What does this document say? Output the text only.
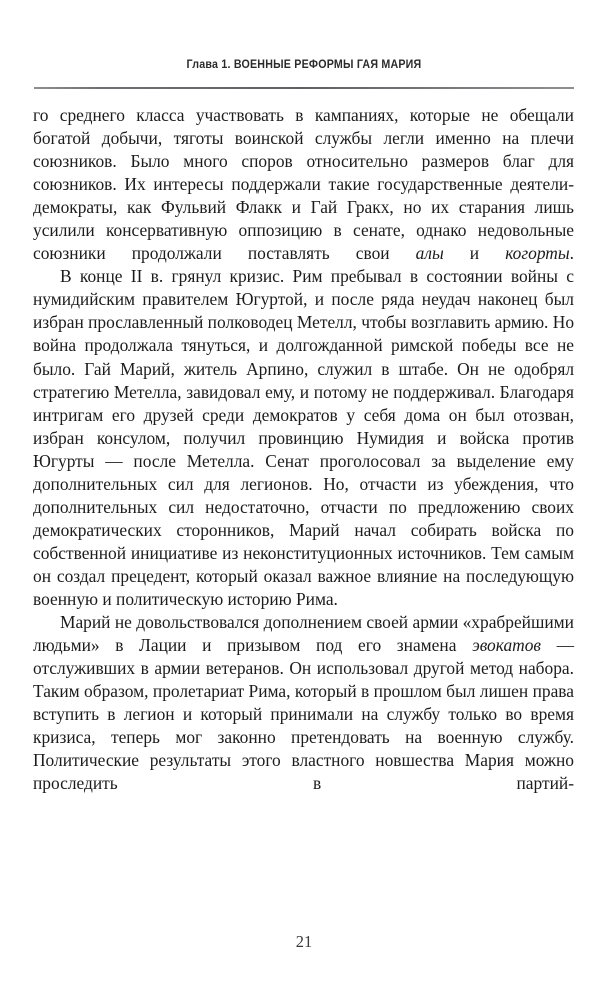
Глава 1. ВОЕННЫЕ РЕФОРМЫ ГАЯ МАРИЯ

го среднего класса участвовать в кампаниях, которые не обещали богатой добычи, тяготы воинской службы легли именно на плечи союзников. Было много споров относительно размеров благ для союзников. Их интересы поддержали такие государственные деятели-демократы, как Фульвий Флакк и Гай Гракх, но их старания лишь усилили консервативную оппозицию в сенате, однако недовольные союзники продолжали поставлять свои алы и когорты.

В конце II в. грянул кризис. Рим пребывал в состоянии войны с нумидийским правителем Югуртой, и после ряда неудач наконец был избран прославленный полководец Метелл, чтобы возглавить армию. Но война продолжала тянуться, и долгожданной римской победы все не было. Гай Марий, житель Арпино, служил в штабе. Он не одобрял стратегию Метелла, завидовал ему, и потому не поддерживал. Благодаря интригам его друзей среди демократов у себя дома он был отозван, избран консулом, получил провинцию Нумидия и войска против Югурты — после Метелла. Сенат проголосовал за выделение ему дополнительных сил для легионов. Но, отчасти из убеждения, что дополнительных сил недостаточно, отчасти по предложению своих демократических сторонников, Марий начал собирать войска по собственной инициативе из неконституционных источников. Тем самым он создал прецедент, который оказал важное влияние на последующую военную и политическую историю Рима.

Марий не довольствовался дополнением своей армии «храбрейшими людьми» в Лации и призывом под его знамена эвокатов — отслуживших в армии ветеранов. Он использовал другой метод набора. Таким образом, пролетариат Рима, который в прошлом был лишен права вступить в легион и который принимали на службу только во время кризиса, теперь мог законно претендовать на военную службу. Политические результаты этого властного новшества Мария можно проследить в партий-

21
